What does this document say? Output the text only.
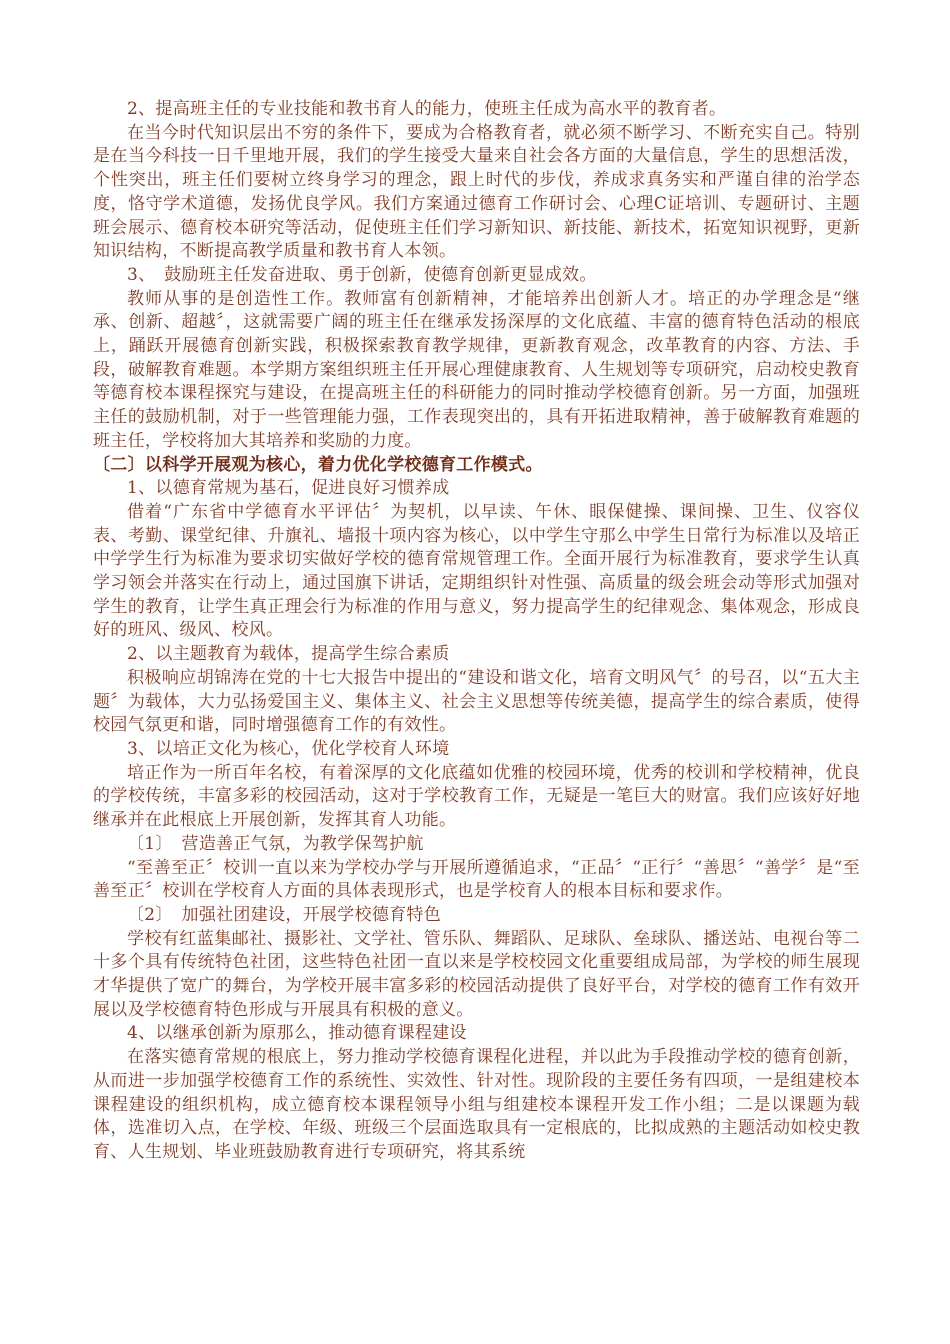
2、提高班主任的专业技能和教书育人的能力，使班主任成为高水平的教育者。

在当今时代知识层出不穷的条件下，要成为合格教育者，就必须不断学习、不断充实自己。特别是在当今科技一日千里地开展，我们的学生接受大量来自社会各方面的大量信息，学生的思想活泼，个性突出，班主任们要树立终身学习的理念，跟上时代的步伐，养成求真务实和严谨自律的治学态度，恪守学术道德，发扬优良学风。我们方案通过德育工作研讨会、心理C证培训、专题研讨、主题班会展示、德育校本研究等活动，促使班主任们学习新知识、新技能、新技术，拓宽知识视野，更新知识结构，不断提高教学质量和教书育人本领。

3、　鼓励班主任发奋进取、勇于创新，使德育创新更显成效。

教师从事的是创造性工作。教师富有创新精神，才能培养出创新人才。培正的办学理念是“继承、创新、超越〞，这就需要广阔的班主任在继承发扬深厚的文化底蕴、丰富的德育特色活动的根底上，踊跃开展德育创新实践，积极探索教育教学规律，更新教育观念，改革教育的内容、方法、手段，破解教育难题。本学期方案组织班主任开展心理健康教育、人生规划等专项研究，启动校史教育等德育校本课程探究与建设，在提高班主任的科研能力的同时推动学校德育创新。另一方面，加强班主任的鼓励机制，对于一些管理能力强，工作表现突出的，具有开拓进取精神，善于破解教育难题的班主任，学校将加大其培养和奖励的力度。

〔二〕以科学开展观为核心，着力优化学校德育工作模式。

1、以德育常规为基石，促进良好习惯养成

借着“广东省中学德育水平评估〞为契机，以早读、午休、眼保健操、课间操、卫生、仪容仪表、考勤、课堂纪律、升旗礼、墙报十项内容为核心，以中学生守那么中学生日常行为标准以及培正中学学生行为标准为要求切实做好学校的德育常规管理工作。全面开展行为标准教育，要求学生认真学习领会并落实在行动上，通过国旗下讲话，定期组织针对性强、高质量的级会班会动等形式加强对学生的教育，让学生真正理会行为标准的作用与意义，努力提高学生的纪律观念、集体观念，形成良好的班风、级风、校风。

2、以主题教育为载体，提高学生综合素质

积极响应胡锦涛在党的十七大报告中提出的“建设和谐文化，培育文明风气〞的号召，以“五大主题〞为载体，大力弘扬爱国主义、集体主义、社会主义思想等传统美德，提高学生的综合素质，使得校园气氛更和谐，同时增强德育工作的有效性。

3、以培正文化为核心，优化学校育人环境

培正作为一所百年名校，有着深厚的文化底蕴如优雅的校园环境，优秀的校训和学校精神，优良的学校传统，丰富多彩的校园活动，这对于学校教育工作，无疑是一笔巨大的财富。我们应该好好地继承并在此根底上开展创新，发挥其育人功能。

〔1〕　营造善正气氛，为教学保驾护航

“至善至正〞校训一直以来为学校办学与开展所遵循追求，“正品〞“正行〞“善思〞“善学〞是“至善至正〞校训在学校育人方面的具体表现形式，也是学校育人的根本目标和要求作。

〔2〕　加强社团建设，开展学校德育特色

学校有红蓝集邮社、摄影社、文学社、管乐队、舞蹈队、足球队、垒球队、播送站、电视台等二十多个具有传统特色社团，这些特色社团一直以来是学校校园文化重要组成局部，为学校的师生展现才华提供了宽广的舞台，为学校开展丰富多彩的校园活动提供了良好平台，对学校的德育工作有效开展以及学校德育特色形成与开展具有积极的意义。

4、以继承创新为原那么，推动德育课程建设

在落实德育常规的根底上，努力推动学校德育课程化进程，并以此为手段推动学校的德育创新，从而进一步加强学校德育工作的系统性、实效性、针对性。现阶段的主要任务有四项，一是组建校本课程建设的组织机构，成立德育校本课程领导小组与组建校本课程开发工作小组；二是以课题为载体，选准切入点，在学校、年级、班级三个层面选取具有一定根底的，比拟成熟的主题活动如校史教育、人生规划、毕业班鼓励教育进行专项研究，将其系统
